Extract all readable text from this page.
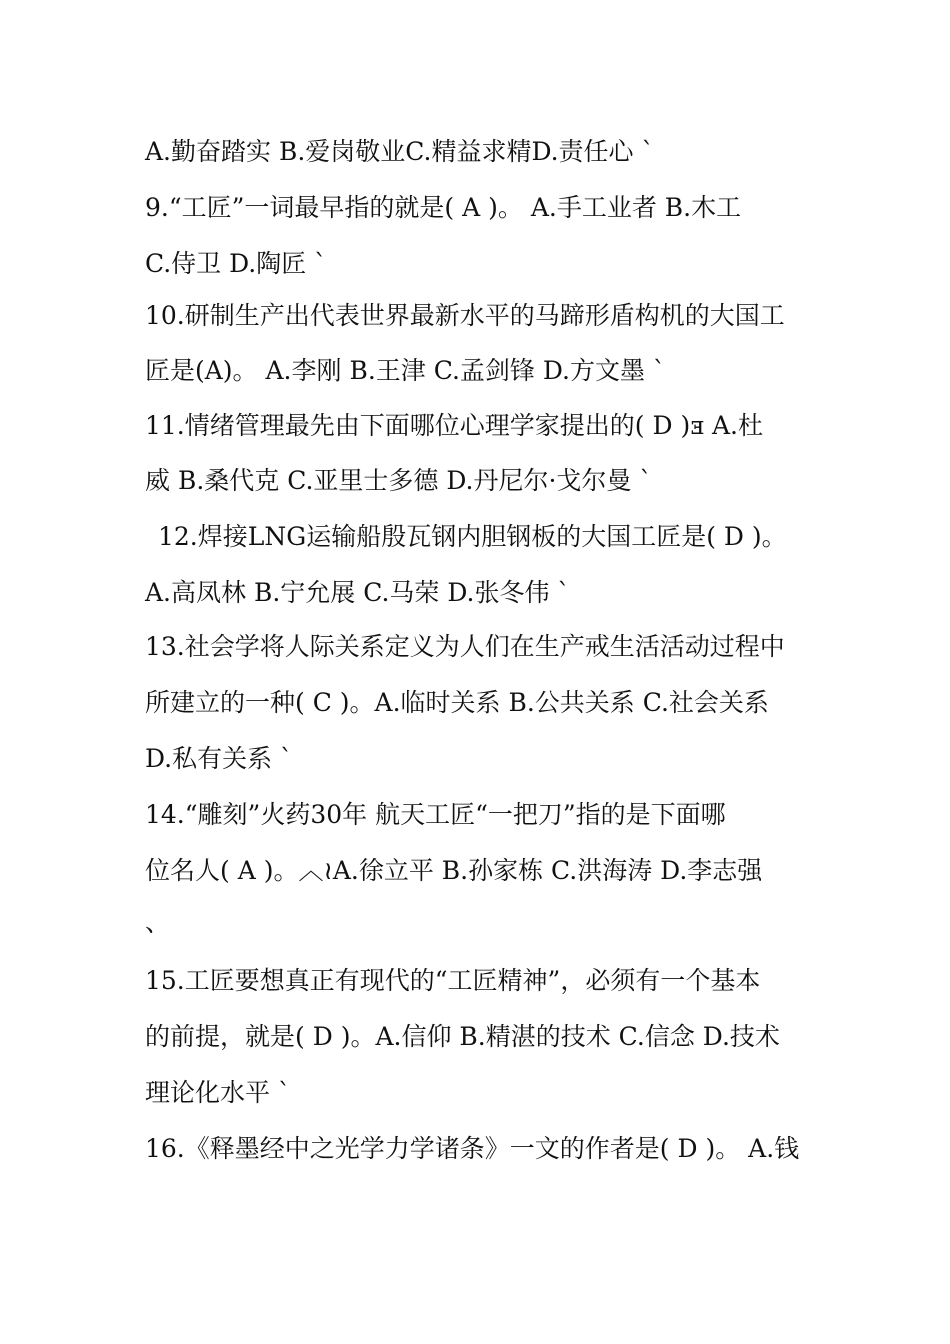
A.勤奋踏实 B.爱岗敬业C.精益求精D.责任心 `
9.“工匠”一词最早指的就是( A )。 A.手工业者 B.木工
C.侍卫 D.陶匠 `
10.研制生产出代表世界最新水平的马蹄形盾构机的大国工
匠是(A)。 A.李刚 B.王津 C.孟剑锋 D.方文墨 `
11.情绪管理最先由下面哪位心理学家提出的( D )ⱻ A.杜
威 B.桑代克 C.亚里士多德 D.丹尼尔·戈尔曼 `
12.焊接LNG运输船殷瓦钢内胆钢板的大国工匠是( D )。
A.高凤林 B.宁允展 C.马荣 D.张冬伟 `
13.社会学将人际关系定义为人们在生产戒生活活动过程中
所建立的一种( C )。A.临时关系 B.公共关系 C.社会关系
D.私有关系 `
14.“雕刻”火药30年 航天工匠“一把刀”指的是下面哪
位名人( A )。︿≀A.徐立平 B.孙家栋 C.洪海涛 D.李志强
、
15.工匠要想真正有现代的“工匠精神”，必须有一个基本
的前提，就是( D )。A.信仰 B.精湛的技术 C.信念 D.技术
理论化水平 `
16.《释墨经中之光学力学诸条》一文的作者是( D )。 A.钱
